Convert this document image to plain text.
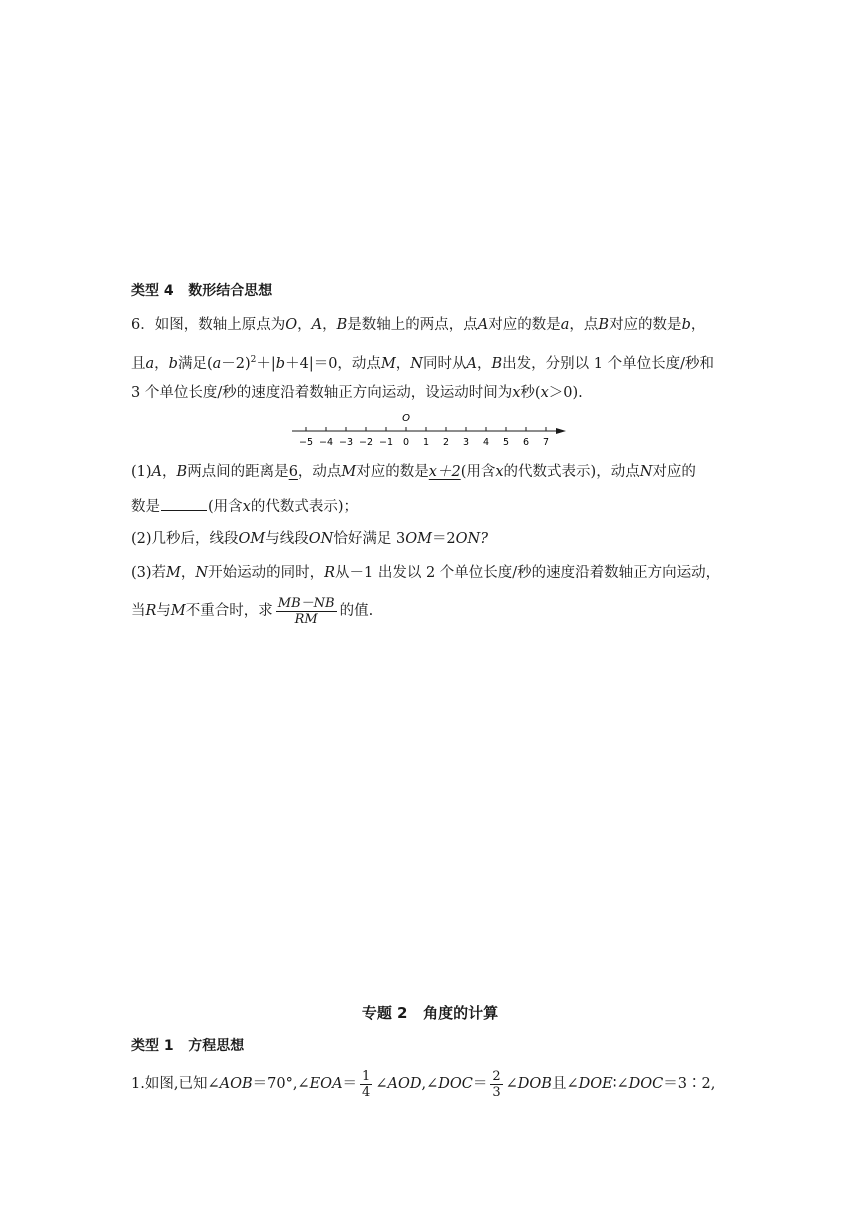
类型 4 数形结合思想
6．如图，数轴上原点为O，A，B是数轴上的两点，点A对应的数是a，点B对应的数是b，
且a，b满足$(a-2)^2+|b+4|=0$，动点M，N同时从A，B出发，分别以 1 个单位长度/秒和
3 个单位长度/秒的速度沿着数轴正方向运动，设运动时间为x秒(x＞0).
O
−5 −4 −3 −2 −1 0 1 2 3 4 5 6 7
(1)A，B两点间的距离是6，动点M对应的数是x＋2(用含x的代数式表示)，动点N对应的
数是	(用含x的代数式表示)；
(2)几秒后，线段OM与线段ON恰好满足 3OM＝2ON?
(3)若M，N开始运动的同时，R从－1 出发以 2 个单位长度/秒的速度沿着数轴正方向运动，
当R与M不重合时，求 $\frac{MB-NB}{RM}$ 的值.
专题 2 角度的计算
类型 1 方程思想
1.如图,已知∠AOB＝70°,∠EOA＝ $\frac{1}{4}$ ∠AOD,∠DOC＝ $\frac{2}{3}$ ∠DOB且∠DOE∶∠DOC＝3∶2,
